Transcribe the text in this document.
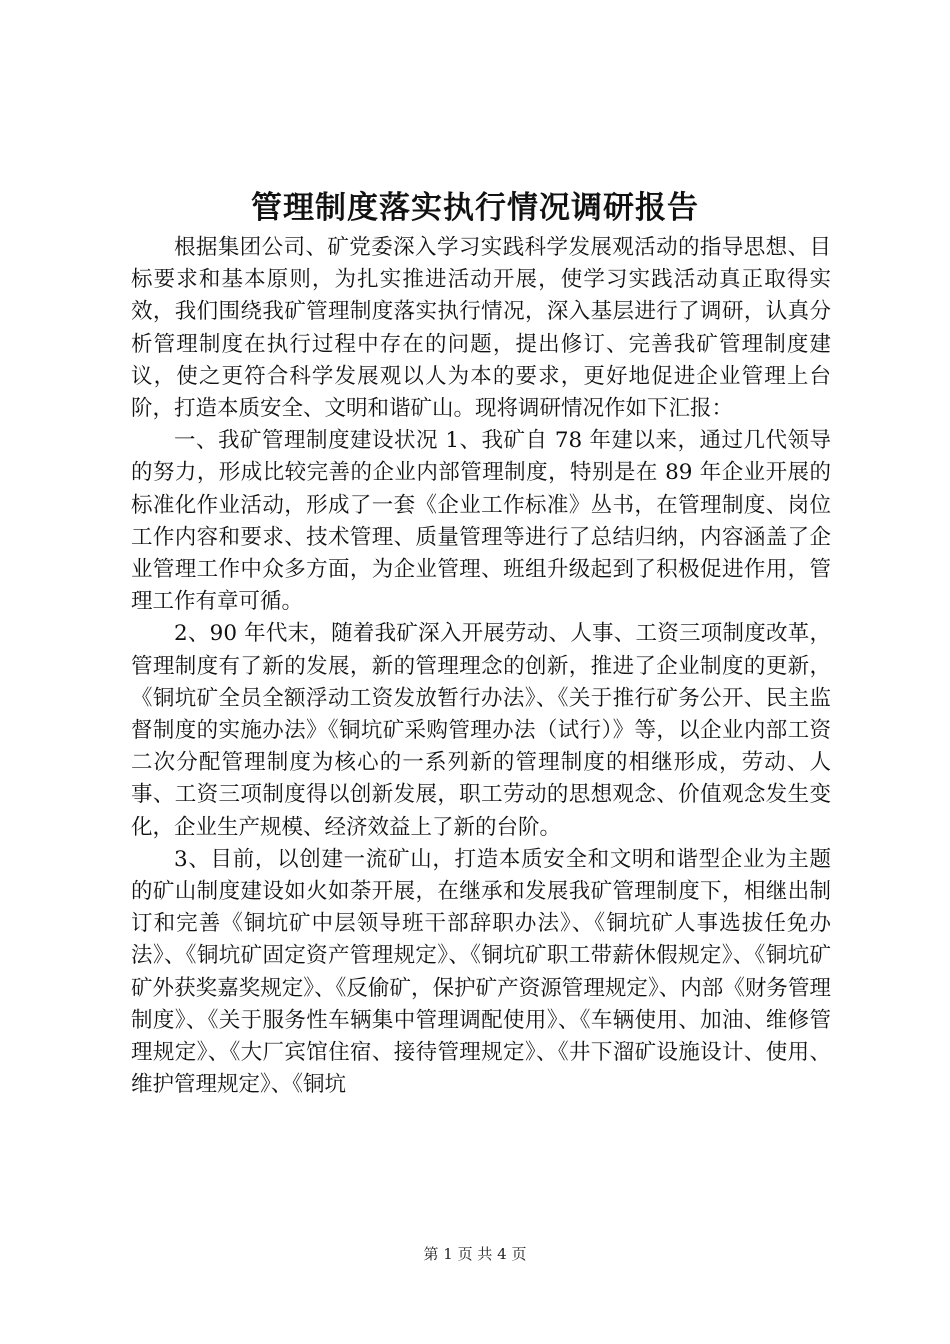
管理制度落实执行情况调研报告

根据集团公司、矿党委深入学习实践科学发展观活动的指导思想、目标要求和基本原则，为扎实推进活动开展，使学习实践活动真正取得实效，我们围绕我矿管理制度落实执行情况，深入基层进行了调研，认真分析管理制度在执行过程中存在的问题，提出修订、完善我矿管理制度建议，使之更符合科学发展观以人为本的要求，更好地促进企业管理上台阶，打造本质安全、文明和谐矿山。现将调研情况作如下汇报：

一、我矿管理制度建设状况 1、我矿自 78 年建以来，通过几代领导的努力，形成比较完善的企业内部管理制度，特别是在 89 年企业开展的标准化作业活动，形成了一套《企业工作标准》丛书，在管理制度、岗位工作内容和要求、技术管理、质量管理等进行了总结归纳，内容涵盖了企业管理工作中众多方面，为企业管理、班组升级起到了积极促进作用，管理工作有章可循。

2、90 年代末，随着我矿深入开展劳动、人事、工资三项制度改革，管理制度有了新的发展，新的管理理念的创新，推进了企业制度的更新，《铜坑矿全员全额浮动工资发放暂行办法》、《关于推行矿务公开、民主监督制度的实施办法》《铜坑矿采购管理办法（试行）》等，以企业内部工资二次分配管理制度为核心的一系列新的管理制度的相继形成，劳动、人事、工资三项制度得以创新发展，职工劳动的思想观念、价值观念发生变化，企业生产规模、经济效益上了新的台阶。

3、目前，以创建一流矿山，打造本质安全和文明和谐型企业为主题的矿山制度建设如火如荼开展，在继承和发展我矿管理制度下，相继出制订和完善《铜坑矿中层领导班干部辞职办法》、《铜坑矿人事选拔任免办法》、《铜坑矿固定资产管理规定》、《铜坑矿职工带薪休假规定》、《铜坑矿矿外获奖嘉奖规定》、《反偷矿，保护矿产资源管理规定》、内部《财务管理制度》、《关于服务性车辆集中管理调配使用》、《车辆使用、加油、维修管理规定》、《大厂宾馆住宿、接待管理规定》、《井下溜矿设施设计、使用、维护管理规定》、《铜坑

第 1 页 共 4 页
